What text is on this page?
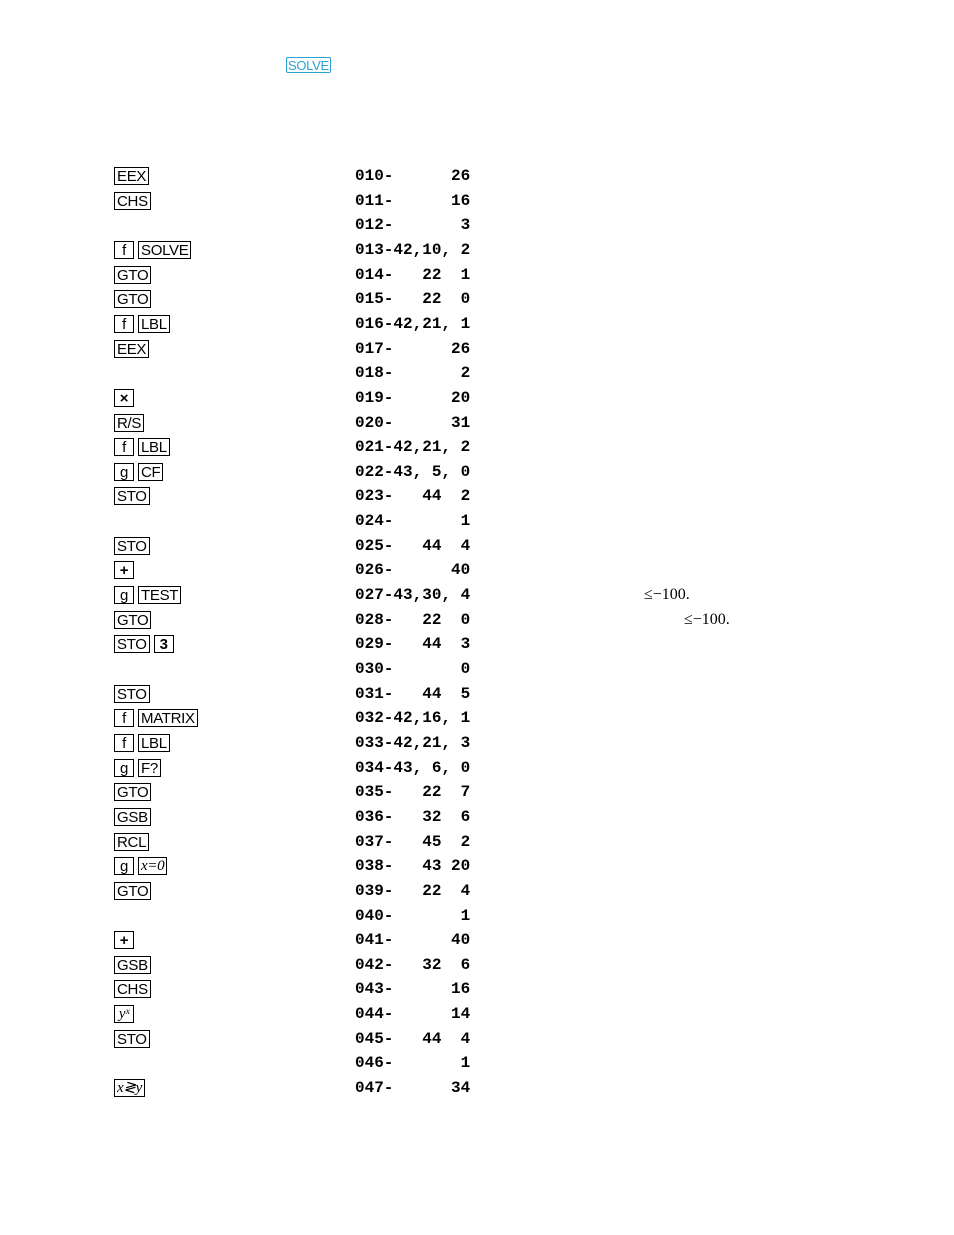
SOLVE
EEX	010-      26
CHS	011-      16
012-       3
f SOLVE	013-42,10, 2
GTO	014-   22  1
GTO	015-   22  0
f LBL	016-42,21, 1
EEX	017-      26
018-       2
×	019-      20
R/S	020-      31
f LBL	021-42,21, 2
g CF	022-43, 5, 0
STO	023-   44  2
024-       1
STO	025-   44  4
+	026-      40
g TEST	027-43,30, 4	≤−100.
GTO	028-   22  0	≤−100.
STO 3	029-   44  3
030-       0
STO	031-   44  5
f MATRIX	032-42,16, 1
f LBL	033-42,21, 3
g F?	034-43, 6, 0
GTO	035-   22  7
GSB	036-   32  6
RCL	037-   45  2
g x=0	038-   43 20
GTO	039-   22  4
040-       1
+	041-      40
GSB	042-   32  6
CHS	043-      16
yˣ	044-      14
STO	045-   44  4
046-       1
x≷y	047-      34
